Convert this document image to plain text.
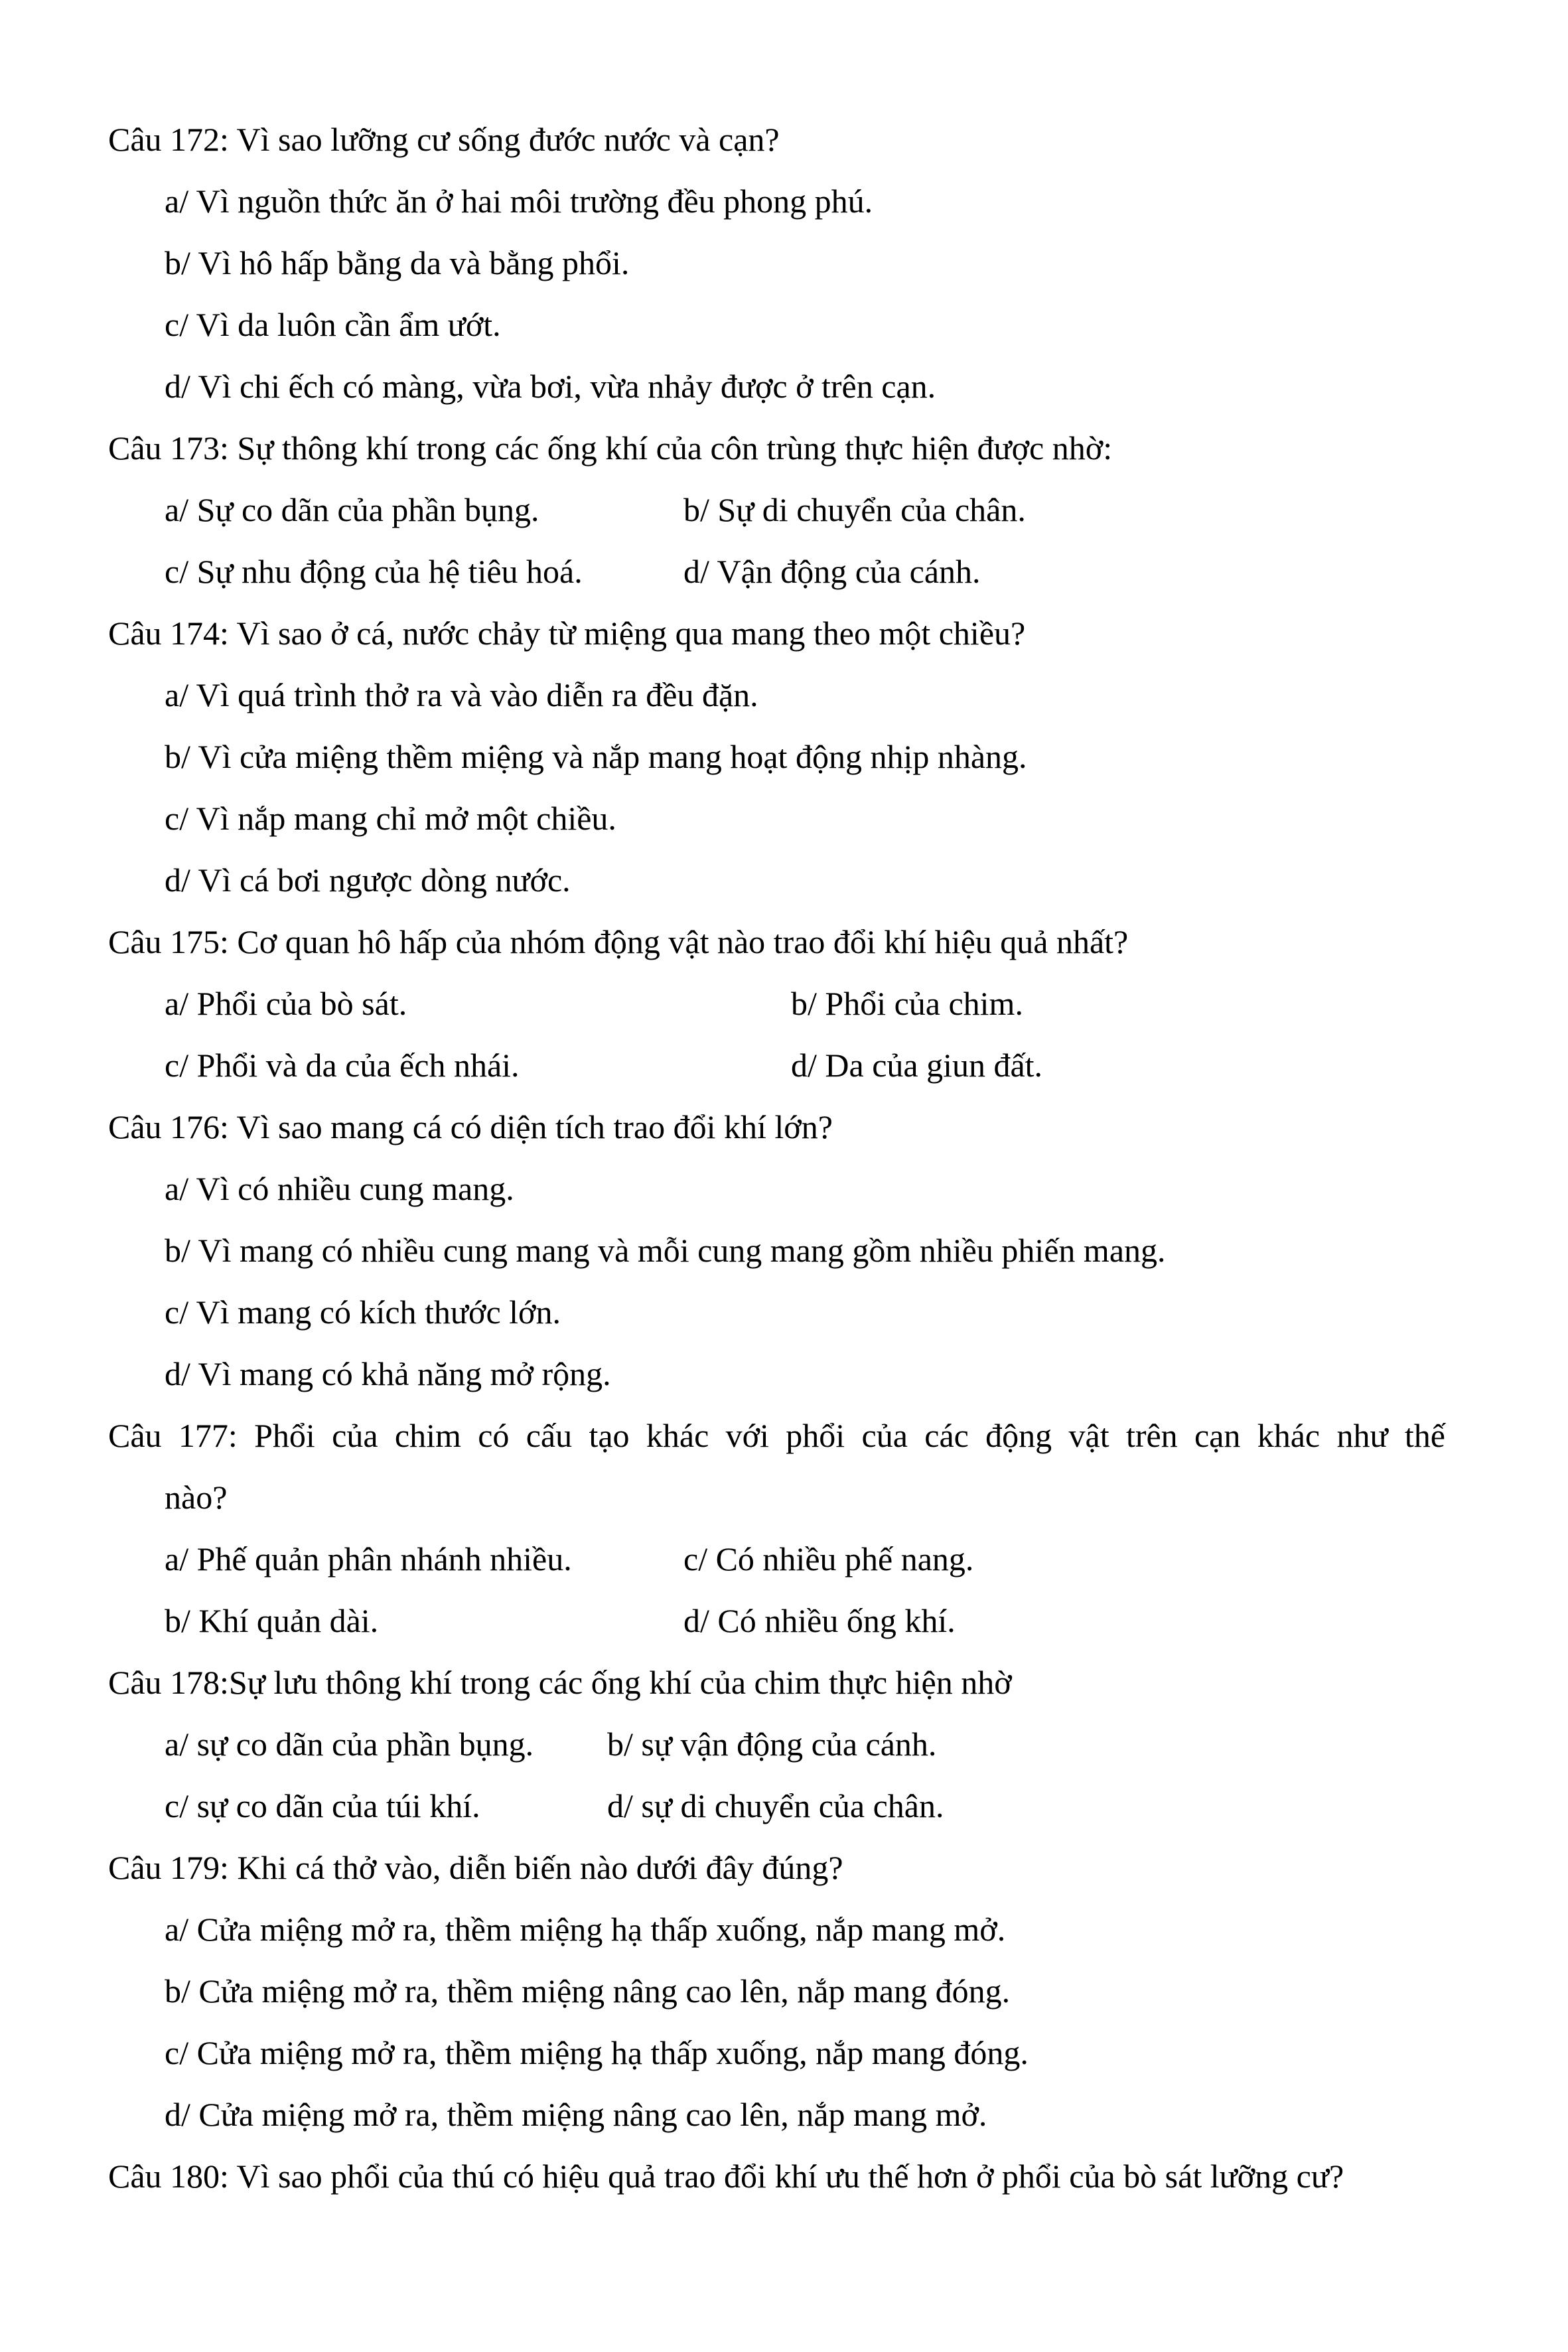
Câu 172: Vì sao lưỡng cư sống đước nước và cạn?
a/ Vì nguồn thức ăn ở hai môi trường đều phong phú.
b/ Vì hô hấp bằng da và bằng phổi.
c/ Vì da luôn cần ẩm ướt.
d/ Vì chi ếch có màng, vừa bơi, vừa nhảy được ở trên cạn.
Câu 173: Sự thông khí trong các ống khí của côn trùng thực hiện được nhờ:
a/ Sự co dãn của phần bụng.	b/ Sự di chuyển của chân.
c/ Sự nhu động của hệ tiêu hoá.	d/ Vận động của cánh.
Câu 174: Vì sao ở cá, nước chảy từ miệng qua mang theo một chiều?
a/ Vì quá trình thở ra và vào diễn ra đều đặn.
b/ Vì cửa miệng thềm miệng và nắp mang hoạt động nhịp nhàng.
c/ Vì nắp mang chỉ mở một chiều.
d/ Vì cá bơi ngược dòng nước.
Câu 175: Cơ quan hô hấp của nhóm động vật nào trao đổi khí hiệu quả nhất?
a/ Phổi của bò sát.	b/ Phổi của chim.
c/ Phổi và da của ếch nhái.	d/ Da của giun đất.
Câu 176: Vì sao mang cá có diện tích trao đổi khí lớn?
a/ Vì có nhiều cung mang.
b/ Vì mang có nhiều cung mang và mỗi cung mang gồm nhiều phiến mang.
c/ Vì mang có kích thước lớn.
d/ Vì mang có khả năng mở rộng.
Câu 177: Phổi của chim có cấu tạo khác với phổi của các động vật trên cạn khác như thế
nào?
a/ Phế quản phân nhánh nhiều.	c/ Có nhiều phế nang.
b/ Khí quản dài.	d/ Có nhiều ống khí.
Câu 178:Sự lưu thông khí trong các ống khí của chim thực hiện nhờ
a/ sự co dãn của phần bụng. b/ sự vận động của cánh.
c/ sự co dãn của túi khí.	d/ sự di chuyển của chân.
Câu 179: Khi cá thở vào, diễn biến nào dưới đây đúng?
a/ Cửa miệng mở ra, thềm miệng hạ thấp xuống, nắp mang mở.
b/ Cửa miệng mở ra, thềm miệng nâng cao lên, nắp mang đóng.
c/ Cửa miệng mở ra, thềm miệng hạ thấp xuống, nắp mang đóng.
d/ Cửa miệng mở ra, thềm miệng nâng cao lên, nắp mang mở.
Câu 180: Vì sao phổi của thú có hiệu quả trao đổi khí ưu thế hơn ở phổi của bò sát lưỡng cư?
